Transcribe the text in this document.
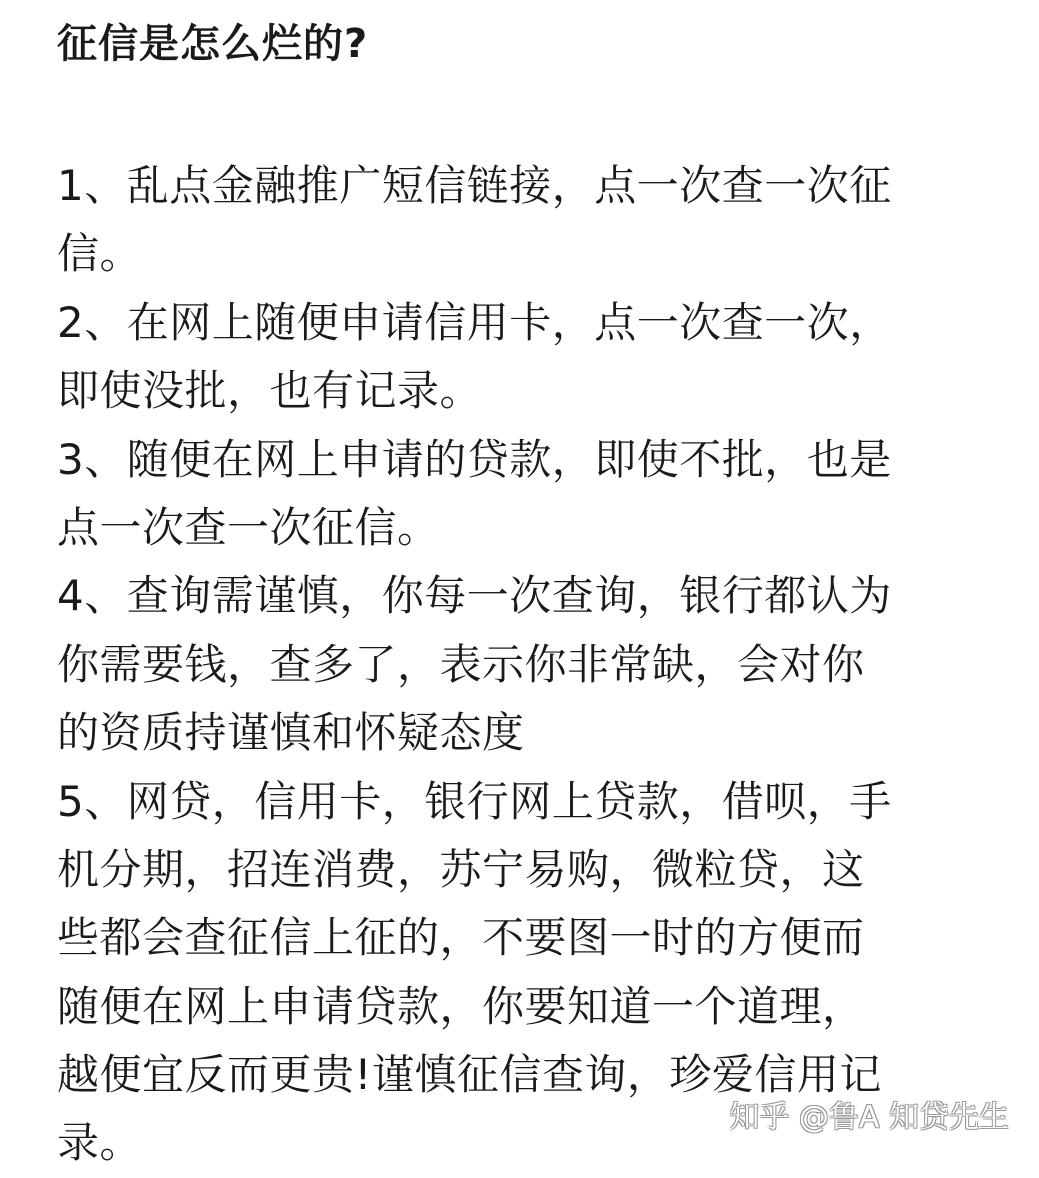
征信是怎么烂的?
1、乱点金融推广短信链接，点一次查一次征
信。
2、在网上随便申请信用卡，点一次查一次，
即使没批，也有记录。
3、随便在网上申请的贷款，即使不批，也是
点一次查一次征信。
4、查询需谨慎，你每一次查询，银行都认为
你需要钱，查多了，表示你非常缺，会对你
的资质持谨慎和怀疑态度
5、网贷，信用卡，银行网上贷款，借呗，手
机分期，招连消费，苏宁易购，微粒贷，这
些都会查征信上征的，不要图一时的方便而
随便在网上申请贷款，你要知道一个道理，
越便宜反而更贵!谨慎征信查询，珍爱信用记
录。
知乎 @鲁A 知贷先生
